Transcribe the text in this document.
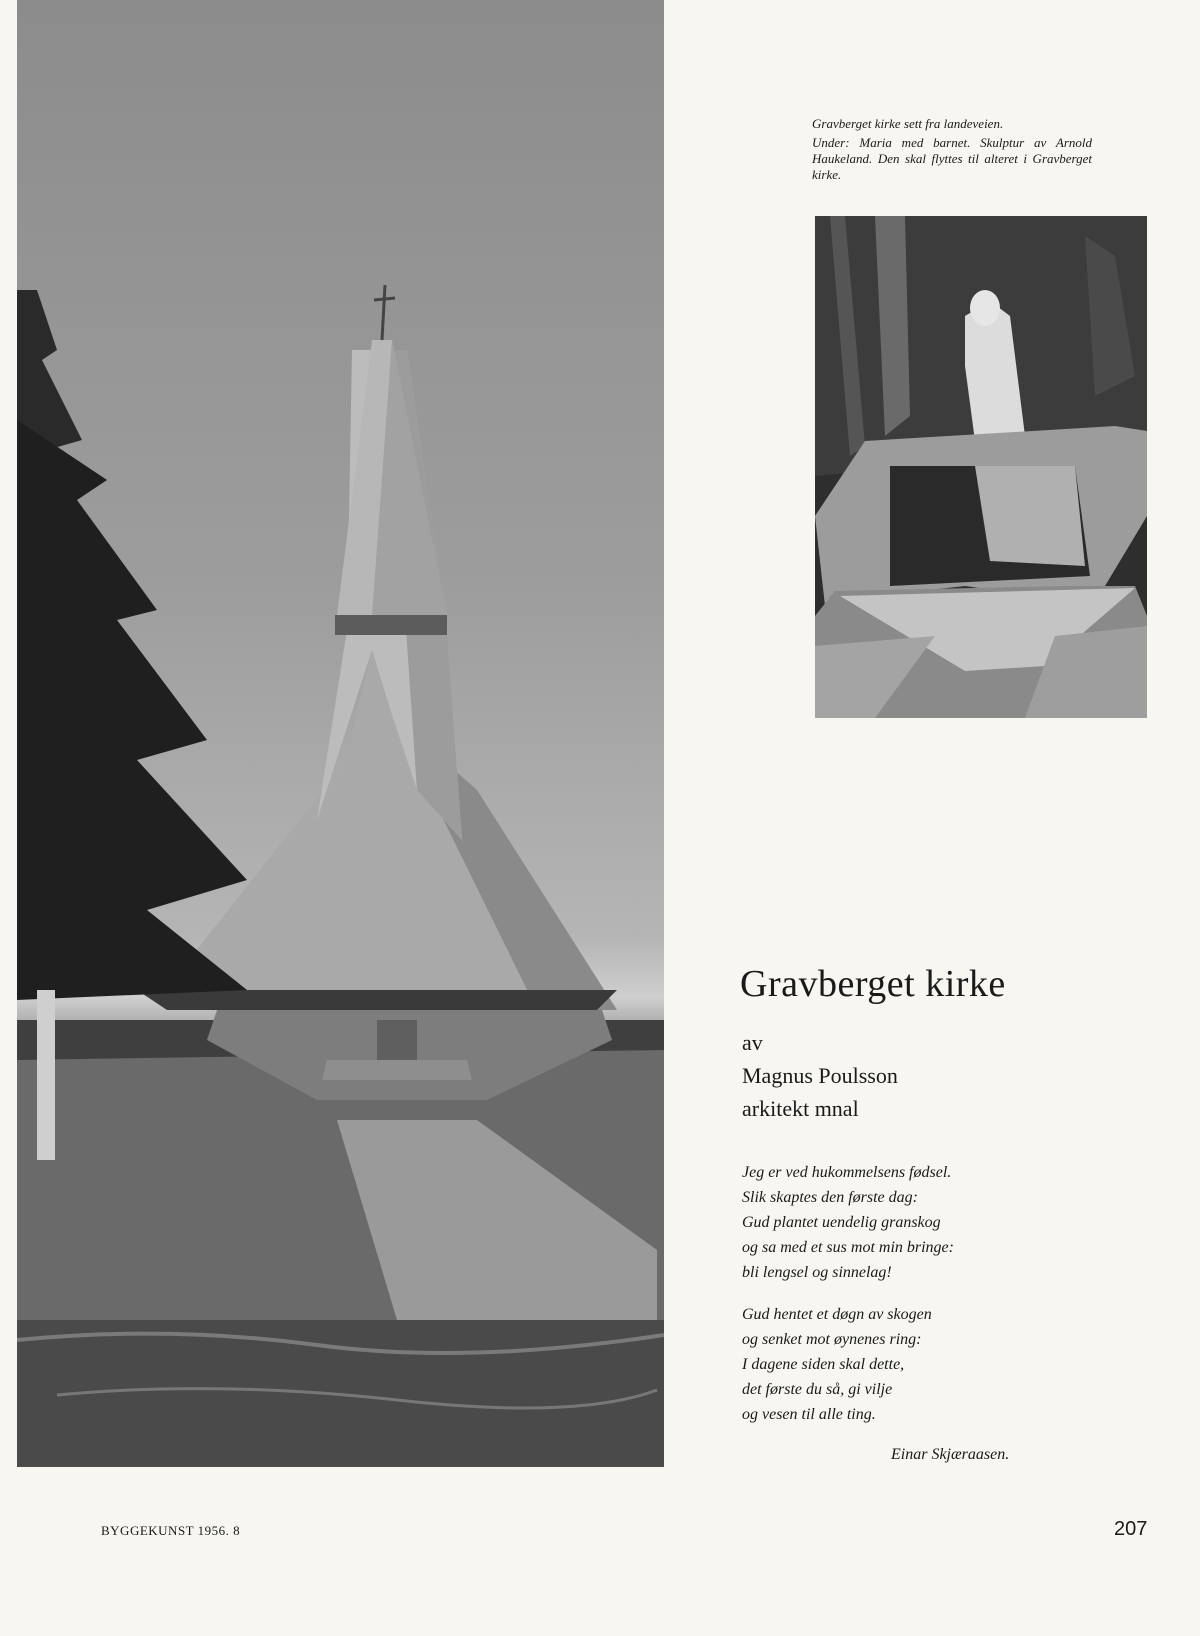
Gravberget kirke sett fra landeveien.

Under: Maria med barnet. Skulptur av Arnold Haukeland. Den skal flyttes til alteret i Gravberget kirke.

Gravberget kirke
av
Magnus Poulsson
arkitekt mnal
Jeg er ved hukommelsens fødsel.
Slik skaptes den første dag:
Gud plantet uendelig granskog
og sa med et sus mot min bringe:
bli lengsel og sinnelag!
Gud hentet et døgn av skogen
og senket mot øynenes ring:
I dagene siden skal dette,
det første du så, gi vilje
og vesen til alle ting.
Einar Skjæraasen.
BYGGEKUNST 1956. 8	207
